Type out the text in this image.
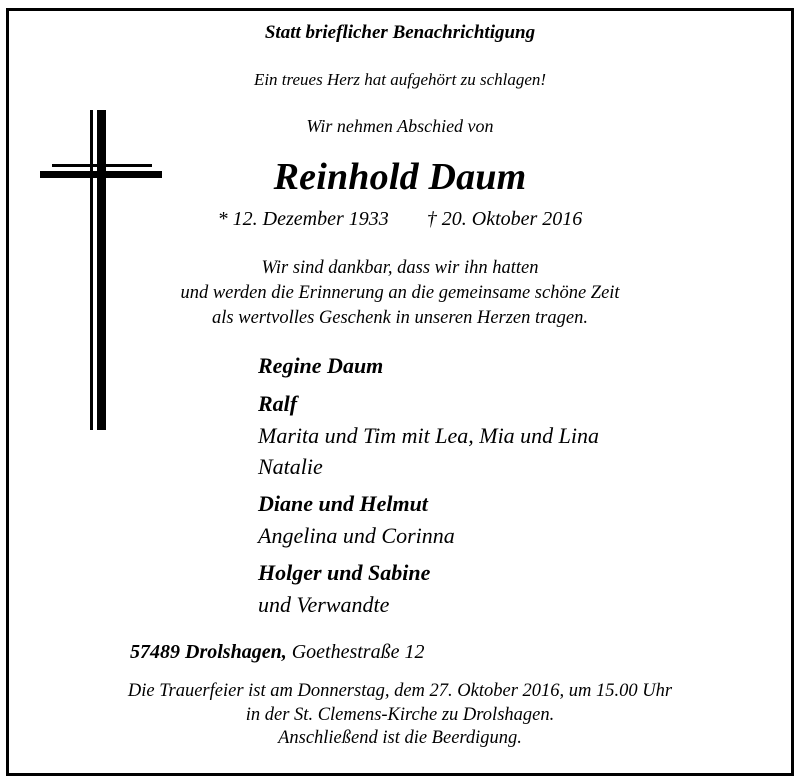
Statt brieflicher Benachrichtigung
Ein treues Herz hat aufgehört zu schlagen!
Wir nehmen Abschied von
Reinhold Daum
* 12. Dezember 1933 † 20. Oktober 2016
Wir sind dankbar, dass wir ihn hatten
und werden die Erinnerung an die gemeinsame schöne Zeit
als wertvolles Geschenk in unseren Herzen tragen.
Regine Daum
Ralf
Marita und Tim mit Lea, Mia und Lina
Natalie
Diane und Helmut
Angelina und Corinna
Holger und Sabine
und Verwandte
57489 Drolshagen, Goethestraße 12
Die Trauerfeier ist am Donnerstag, dem 27. Oktober 2016, um 15.00 Uhr
in der St. Clemens-Kirche zu Drolshagen.
Anschließend ist die Beerdigung.
